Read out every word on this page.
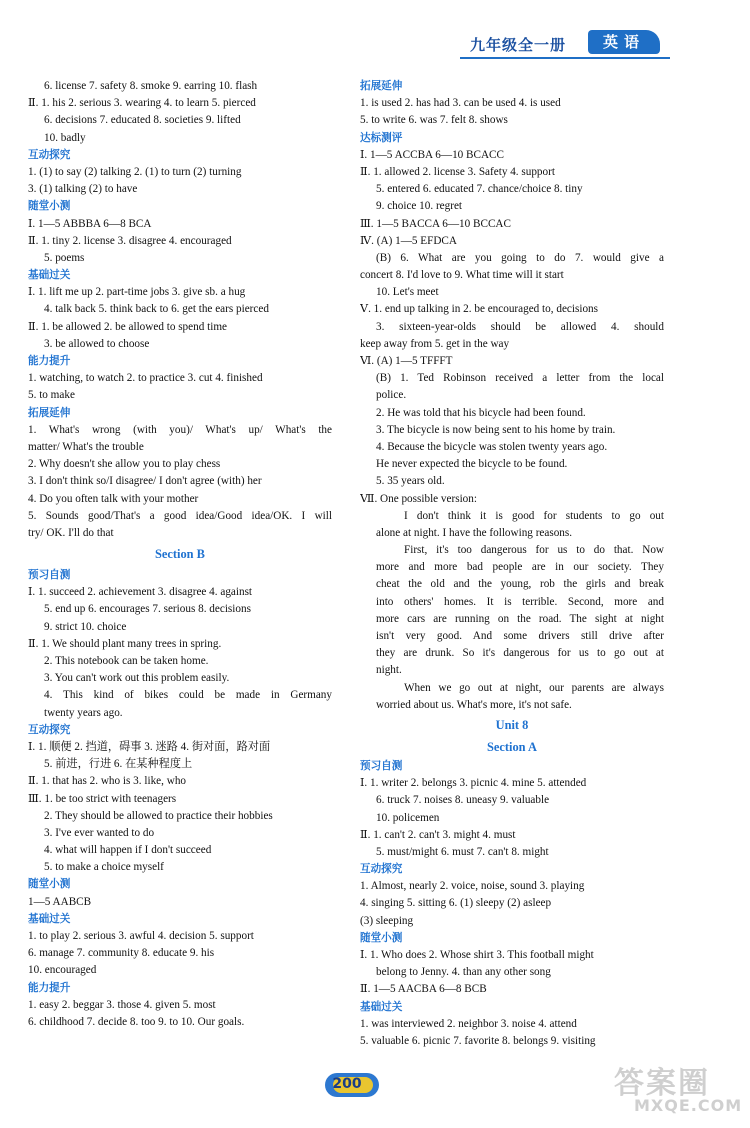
九年级全一册	英语
6. license 7. safety 8. smoke 9. earring 10. flash
Ⅱ. 1. his 2. serious 3. wearing 4. to learn 5. pierced
6. decisions 7. educated 8. societies 9. lifted
10. badly
互动探究
1. (1) to say (2) talking 2. (1) to turn (2) turning
3. (1) talking (2) to have
随堂小测
Ⅰ. 1—5 ABBBA 6—8 BCA
Ⅱ. 1. tiny 2. license 3. disagree 4. encouraged
5. poems
基础过关
Ⅰ. 1. lift me up 2. part-time jobs 3. give sb. a hug
4. talk back 5. think back to 6. get the ears pierced
Ⅱ. 1. be allowed 2. be allowed to spend time
3. be allowed to choose
能力提升
1. watching, to watch 2. to practice 3. cut 4. finished
5. to make
拓展延伸
1. What's wrong (with you)/ What's up/ What's the
matter/ What's the trouble
2. Why doesn't she allow you to play chess
3. I don't think so/I disagree/ I don't agree (with) her
4. Do you often talk with your mother
5. Sounds good/That's a good idea/Good idea/OK. I will
try/ OK. I'll do that
Section B
预习自测
Ⅰ. 1. succeed 2. achievement 3. disagree 4. against
5. end up 6. encourages 7. serious 8. decisions
9. strict 10. choice
Ⅱ. 1. We should plant many trees in spring.
2. This notebook can be taken home.
3. You can't work out this problem easily.
4. This kind of bikes could be made in Germany
twenty years ago.
互动探究
Ⅰ. 1. 顺便 2. 挡道，碍事 3. 迷路 4. 街对面，路对面
5. 前进，行进 6. 在某种程度上
Ⅱ. 1. that has 2. who is 3. like, who
Ⅲ. 1. be too strict with teenagers
2. They should be allowed to practice their hobbies
3. I've ever wanted to do
4. what will happen if I don't succeed
5. to make a choice myself
随堂小测
1—5 AABCB
基础过关
1. to play 2. serious 3. awful 4. decision 5. support
6. manage 7. community 8. educate 9. his
10. encouraged
能力提升
1. easy 2. beggar 3. those 4. given 5. most
6. childhood 7. decide 8. too 9. to 10. Our goals.
拓展延伸
1. is used 2. has had 3. can be used 4. is used
5. to write 6. was 7. felt 8. shows
达标测评
Ⅰ. 1—5 ACCBA 6—10 BCACC
Ⅱ. 1. allowed 2. license 3. Safety 4. support
5. entered 6. educated 7. chance/choice 8. tiny
9. choice 10. regret
Ⅲ. 1—5 BACCA 6—10 BCCAC
Ⅳ. (A) 1—5 EFDCA
(B) 6. What are you going to do 7. would give a
concert 8. I'd love to 9. What time will it start
10. Let's meet
Ⅴ. 1. end up talking in 2. be encouraged to, decisions
3. sixteen-year-olds should be allowed 4. should
keep away from 5. get in the way
Ⅵ. (A) 1—5 TFFFT
(B) 1. Ted Robinson received a letter from the local
police.
2. He was told that his bicycle had been found.
3. The bicycle is now being sent to his home by train.
4. Because the bicycle was stolen twenty years ago.
He never expected the bicycle to be found.
5. 35 years old.
Ⅶ. One possible version:
I don't think it is good for students to go out
alone at night. I have the following reasons.
First, it's too dangerous for us to do that. Now
more and more bad people are in our society. They
cheat the old and the young, rob the girls and break
into others' homes. It is terrible. Second, more and
more cars are running on the road. The sight at night
isn't very good. And some drivers still drive after
they are drunk. So it's dangerous for us to go out at
night.
When we go out at night, our parents are always
worried about us. What's more, it's not safe.
Unit 8
Section A
预习自测
Ⅰ. 1. writer 2. belongs 3. picnic 4. mine 5. attended
6. truck 7. noises 8. uneasy 9. valuable
10. policemen
Ⅱ. 1. can't 2. can't 3. might 4. must
5. must/might 6. must 7. can't 8. might
互动探究
1. Almost, nearly 2. voice, noise, sound 3. playing
4. singing 5. sitting 6. (1) sleepy (2) asleep
(3) sleeping
随堂小测
Ⅰ. 1. Who does 2. Whose shirt 3. This football might
belong to Jenny. 4. than any other song
Ⅱ. 1—5 AACBA 6—8 BCB
基础过关
1. was interviewed 2. neighbor 3. noise 4. attend
5. valuable 6. picnic 7. favorite 8. belongs 9. visiting
200	答案圈
MXQE.COM
